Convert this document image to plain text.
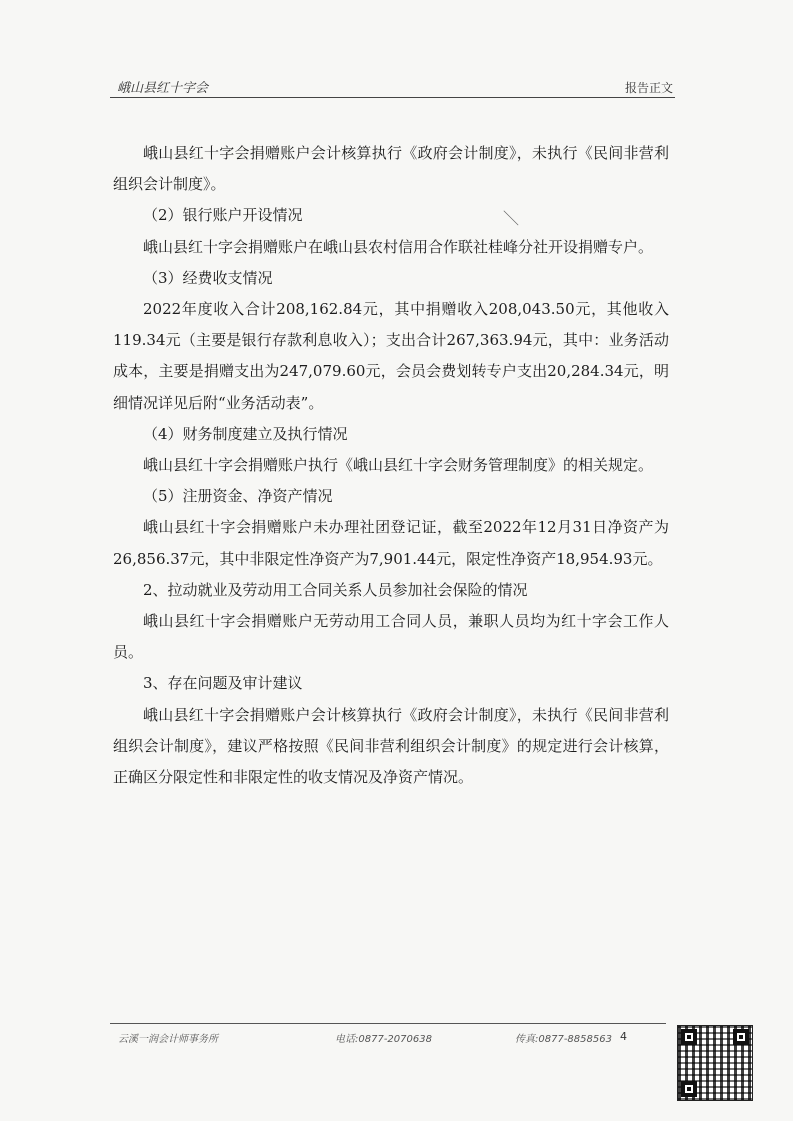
峨山县红十字会	报告正文
＼

峨山县红十字会捐赠账户会计核算执行《政府会计制度》，未执行《民间非营利组织会计制度》。

（2）银行账户开设情况

峨山县红十字会捐赠账户在峨山县农村信用合作联社桂峰分社开设捐赠专户。

（3）经费收支情况

2022年度收入合计208,162.84元，其中捐赠收入208,043.50元，其他收入119.34元（主要是银行存款利息收入）；支出合计267,363.94元，其中：业务活动成本，主要是捐赠支出为247,079.60元，会员会费划转专户支出20,284.34元，明细情况详见后附“业务活动表”。

（4）财务制度建立及执行情况

峨山县红十字会捐赠账户执行《峨山县红十字会财务管理制度》的相关规定。

（5）注册资金、净资产情况

峨山县红十字会捐赠账户未办理社团登记证，截至2022年12月31日净资产为26,856.37元，其中非限定性净资产为7,901.44元，限定性净资产18,954.93元。

2、拉动就业及劳动用工合同关系人员参加社会保险的情况

峨山县红十字会捐赠账户无劳动用工合同人员，兼职人员均为红十字会工作人员。

3、存在问题及审计建议

峨山县红十字会捐赠账户会计核算执行《政府会计制度》，未执行《民间非营利组织会计制度》，建议严格按照《民间非营利组织会计制度》的规定进行会计核算，正确区分限定性和非限定性的收支情况及净资产情况。

云溪一润会计师事务所	电话:0877-2070638	传真:0877-8858563 4
